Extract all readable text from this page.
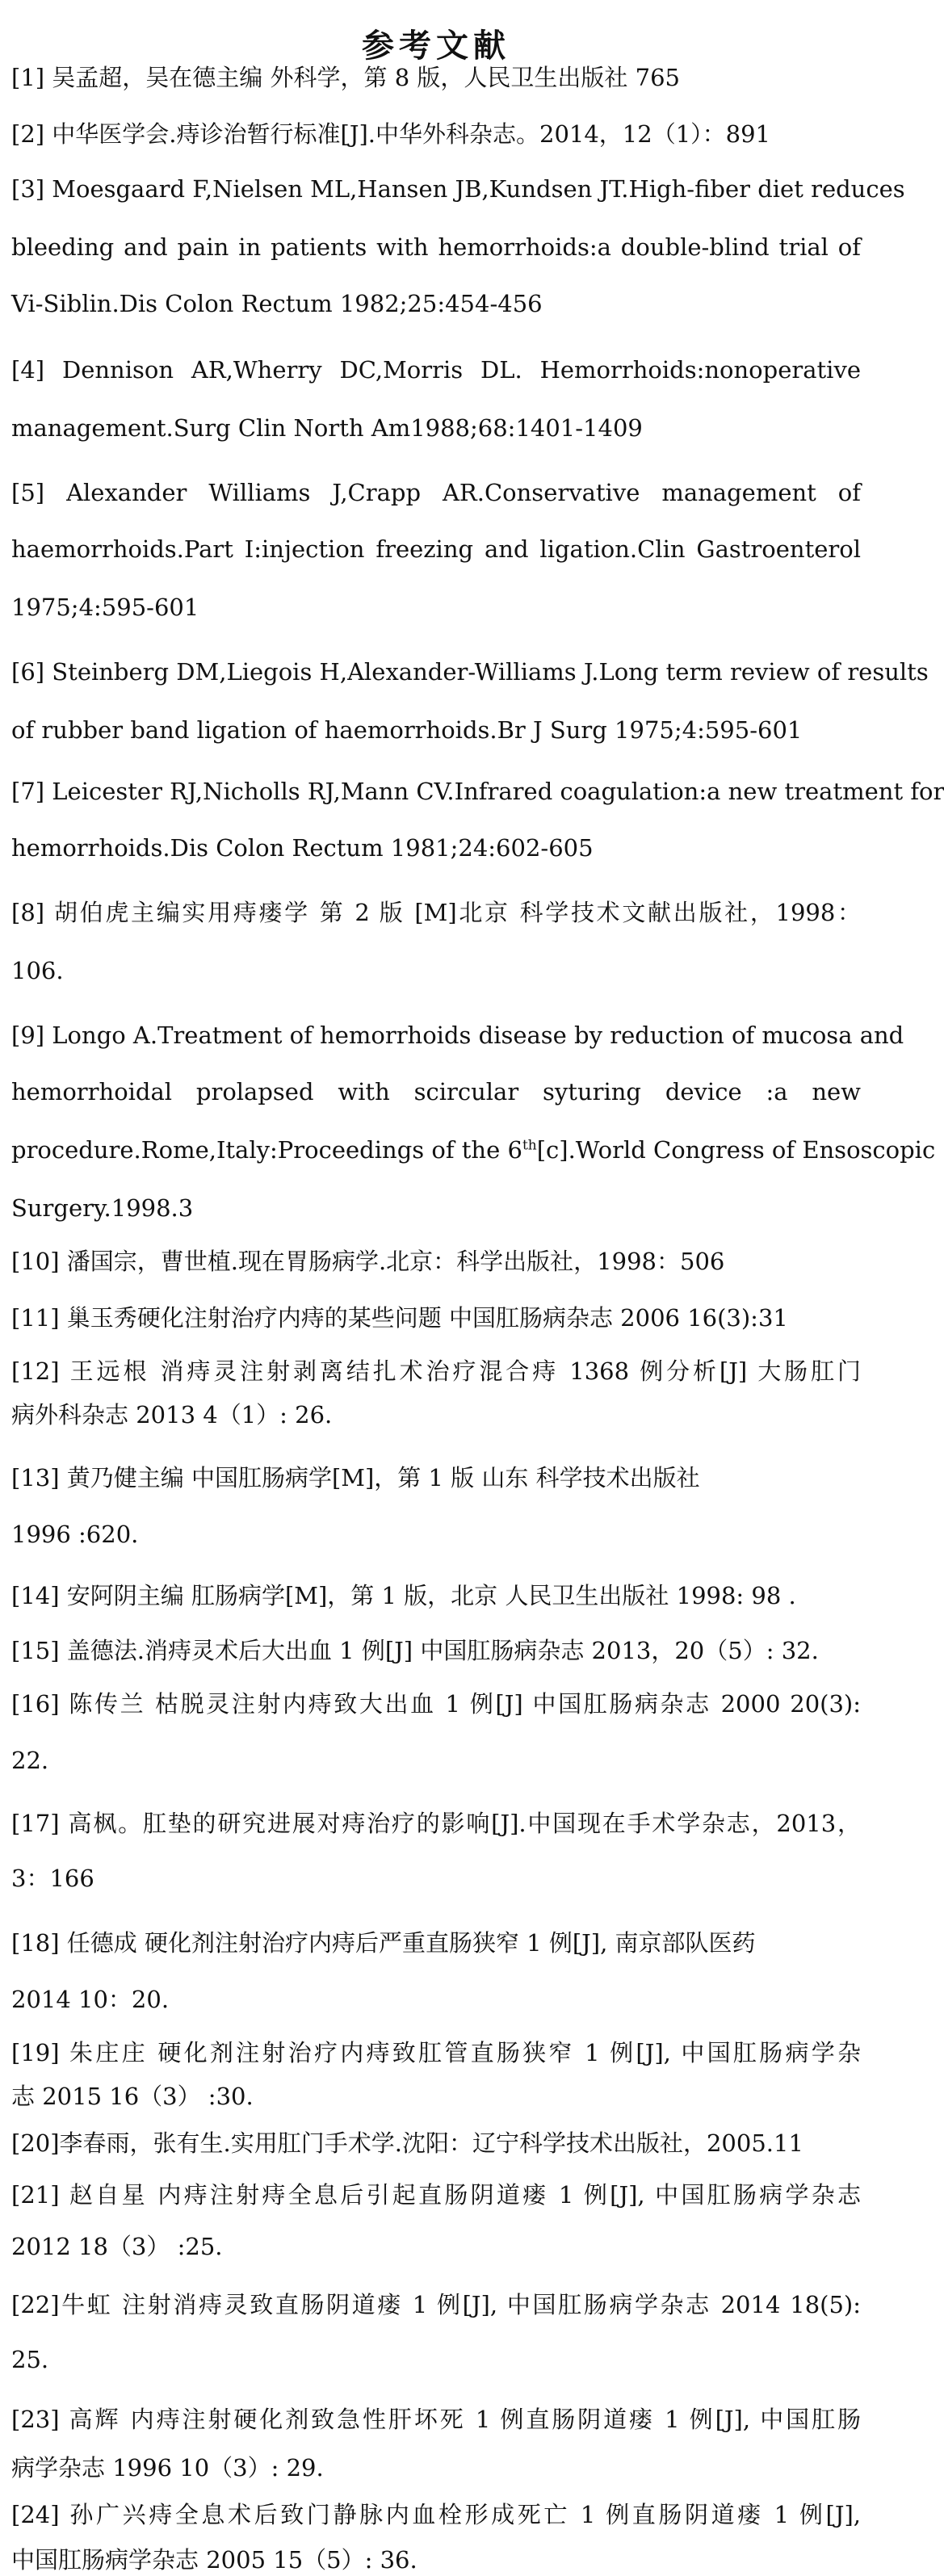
参考文献
[1] 吴孟超，吴在德主编 外科学，第 8 版，人民卫生出版社 765
[2] 中华医学会.痔诊治暂行标准[J].中华外科杂志。2014，12（1）：891
[3] Moesgaard F,Nielsen ML,Hansen JB,Kundsen JT.High-fiber diet reduces
bleeding and pain in patients with hemorrhoids:a double-blind trial of
Vi-Siblin.Dis Colon Rectum 1982;25:454-456
[4] Dennison AR,Wherry DC,Morris DL. Hemorrhoids:nonoperative
management.Surg Clin North Am1988;68:1401-1409
[5] Alexander Williams J,Crapp AR.Conservative management of
haemorrhoids.Part I:injection freezing and ligation.Clin Gastroenterol
1975;4:595-601
[6] Steinberg DM,Liegois H,Alexander-Williams J.Long term review of results
of rubber band ligation of haemorrhoids.Br J Surg 1975;4:595-601
[7] Leicester RJ,Nicholls RJ,Mann CV.Infrared coagulation:a new treatment for
hemorrhoids.Dis Colon Rectum 1981;24:602-605
[8] 胡伯虎主编实用痔瘘学 第 2 版 [M]北京 科学技术文献出版社，1998：
106.
[9] Longo A.Treatment of hemorrhoids disease by reduction of mucosa and
hemorrhoidal prolapsed with scircular syturing device :a new
procedure.Rome,Italy:Proceedings of the 6th[c].World Congress of Ensoscopic
Surgery.1998.3
[10] 潘国宗，曹世植.现在胃肠病学.北京：科学出版社，1998：506
[11] 巢玉秀硬化注射治疗内痔的某些问题 中国肛肠病杂志 2006 16(3):31
[12] 王远根 消痔灵注射剥离结扎术治疗混合痔 1368 例分析[J] 大肠肛门
病外科杂志 2013 4（1）: 26.
[13] 黄乃健主编 中国肛肠病学[M]，第 1 版 山东 科学技术出版社
1996 :620.
[14] 安阿阴主编 肛肠病学[M]，第 1 版，北京 人民卫生出版社 1998: 98 .
[15] 盖德法.消痔灵术后大出血 1 例[J] 中国肛肠病杂志 2013，20（5）: 32.
[16] 陈传兰 枯脱灵注射内痔致大出血 1 例[J] 中国肛肠病杂志 2000 20(3):
22.
[17] 高枫。肛垫的研究进展对痔治疗的影响[J].中国现在手术学杂志，2013，
3：166
[18] 任德成 硬化剂注射治疗内痔后严重直肠狭窄 1 例[J], 南京部队医药
2014 10：20.
[19] 朱庄庄 硬化剂注射治疗内痔致肛管直肠狭窄 1 例[J], 中国肛肠病学杂
志 2015 16（3） :30.
[20]李春雨，张有生.实用肛门手术学.沈阳：辽宁科学技术出版社，2005.11
[21] 赵自星 内痔注射痔全息后引起直肠阴道瘘 1 例[J], 中国肛肠病学杂志
2012 18（3） :25.
[22]牛虹 注射消痔灵致直肠阴道瘘 1 例[J], 中国肛肠病学杂志 2014 18(5):
25.
[23] 高辉 内痔注射硬化剂致急性肝坏死 1 例直肠阴道瘘 1 例[J], 中国肛肠
病学杂志 1996 10（3）: 29.
[24] 孙广兴痔全息术后致门静脉内血栓形成死亡 1 例直肠阴道瘘 1 例[J],
中国肛肠病学杂志 2005 15（5）: 36.
